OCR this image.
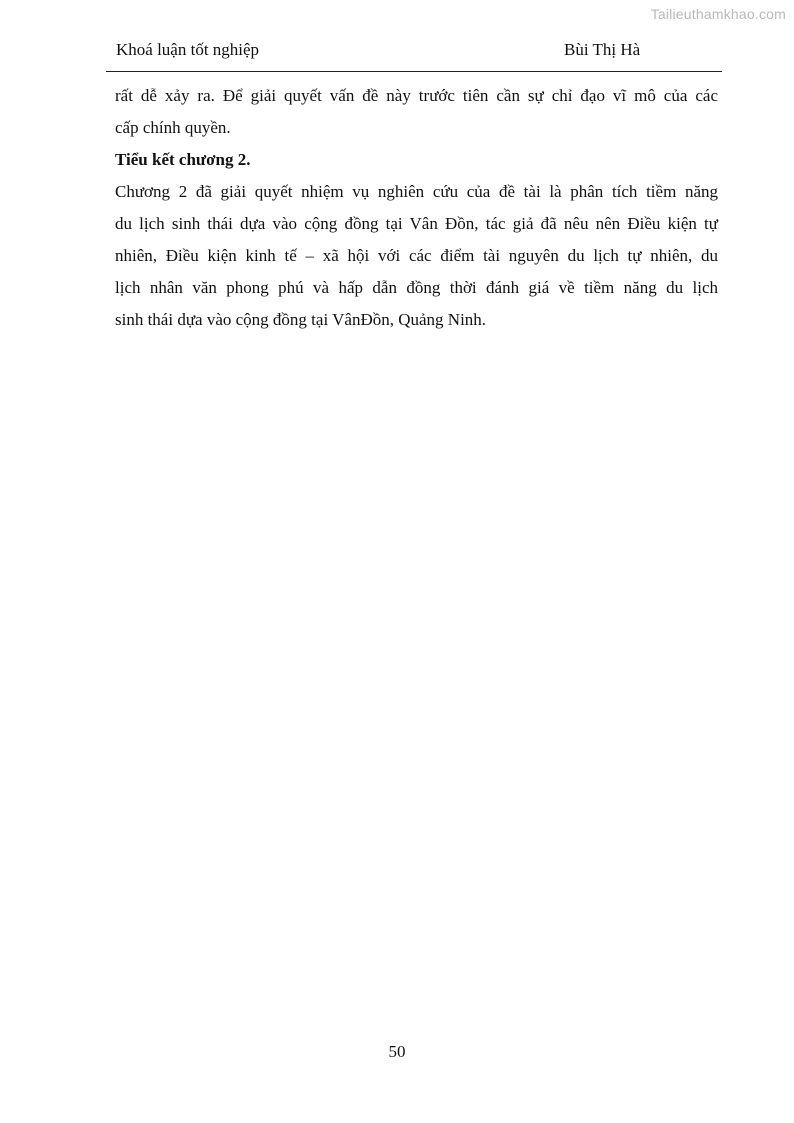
Tailieuthamkhao.com
Khoá luận tốt nghiệp	Bùi Thị Hà
rất dễ xảy ra. Để giải quyết vấn đề này trước tiên cần sự chỉ đạo vĩ mô của các
cấp chính quyền.
Tiểu kết chương 2.
Chương 2 đã giải quyết nhiệm vụ nghiên cứu của đề tài là phân tích tiềm năng
du lịch sinh thái dựa vào cộng đồng tại Vân Đồn, tác giả đã nêu nên Điều kiện tự
nhiên, Điều kiện kinh tế – xã hội với các điểm tài nguyên du lịch tự nhiên, du
lịch nhân văn phong phú và hấp dẫn đồng thời đánh giá về tiềm năng du lịch
sinh thái dựa vào cộng đồng tại VânĐồn, Quảng Ninh.
50
